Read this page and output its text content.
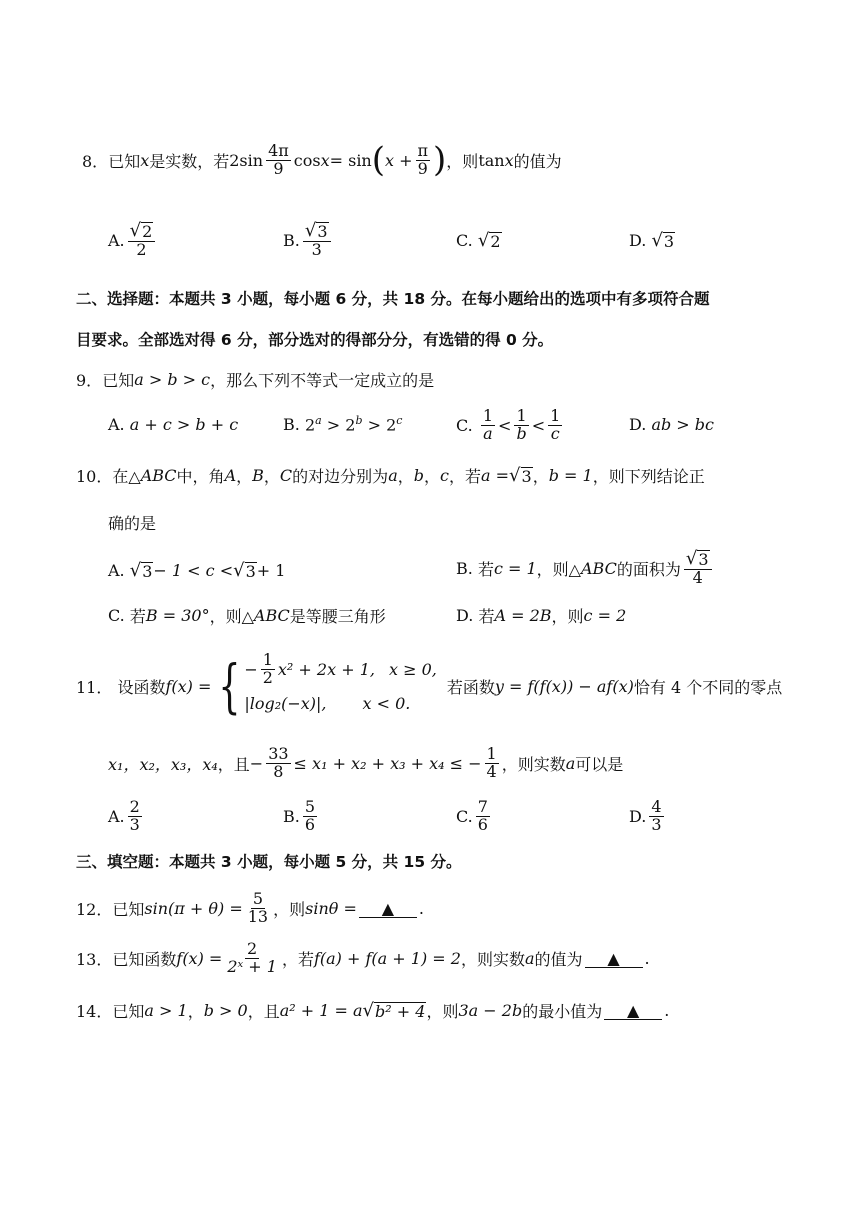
8． 已知 x 是实数，若 $2\sin \frac{4\pi}{9}$ cos x = sin ( $x + \frac{\pi}{9}$ ) ，则 tan x 的值为
A. $\frac{√ 2}{2}$	B. $\frac{√ 3}{3}$	C.
√ 2	D.
√ 3
二、选择题：本题共 3 小题，每小题 6 分，共 18 分。在每小题给出的选项中有多项符合题
目要求。全部选对得 6 分，部分选对的得部分分，有选错的得 0 分。
9． 已知 a > b > c ，那么下列不等式一定成立的是
A.
a + c > b + c	B.
$2^a > 2^b > 2^c$	C.
$\frac{1}{a} < \frac{1}{b} < \frac{1}{c}$	D.
ab > bc
10． 在△ ABC 中，角 A ， B ， C 的对边分别为 a ， b ， c ，若 a = √ 3 ， b = 1 ，则下列结论正
确的是
A.
√ 3 − 1 < c < √ 3 + 1	B.
若 c = 1 ，则△ ABC 的面积为 $\frac{√ 3}{4}$
C.
若 B = 30° ，则△ ABC 是等腰三角形	D.
若 A = 2B ，则 c = 2
11．
设函数 f(x) = { − $\frac{1}{2} x^2 + 2x + 1$, x ≥ 0,
|log₂(−x)|, x < 0.
若函数 y = f(f(x)) − af(x) 恰有 4 个不同的零点
x₁，x₂，x₃，x₄ ，且 − $\frac{33}{8} \le x_1 + x_2 + x_3 + x_4$ ≤ − $\frac{1}{4}$ ，则实数 a 可以是
A. $\frac{2}{3}$	B. $\frac{5}{6}$	C. $\frac{7}{6}$	D. $\frac{4}{3}$
三、填空题：本题共 3 小题，每小题 5 分，共 15 分。
12． 已知 $\sin(\pi + \theta) = \frac{5}{13}$ ，则 sinθ =	▲	.
13． 已知函数 $f(x) = \frac{2}{\text{2ˣ + 1}}$ ，若 f(a) + f(a + 1) = 2 ，则实数 a 的值为	▲	.
14． 已知 a > 1 ， b > 0 ，且 a² + 1 = a √ b² + 4 ，则 3a − 2b 的最小值为	▲	.
